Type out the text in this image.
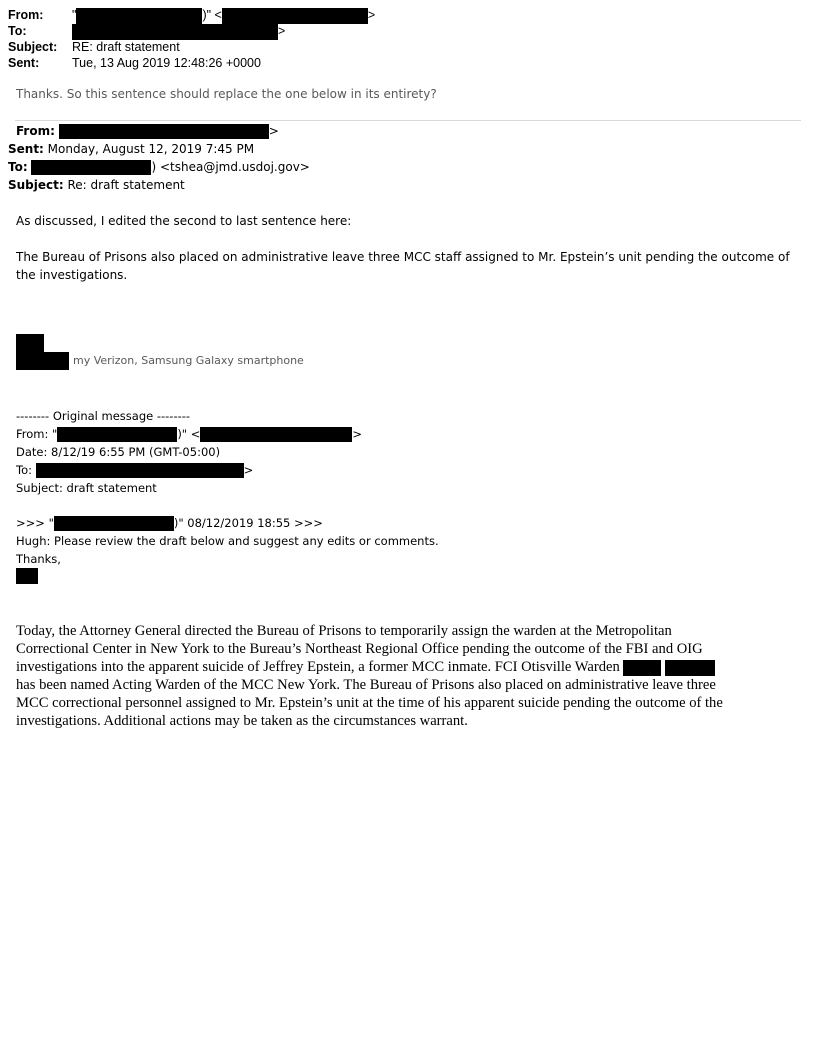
From: "	)" <	>
To:	>
Subject: RE: draft statement
Sent:	Tue, 13 Aug 2019 12:48:26 +0000
Thanks. So this sentence should replace the one below in its entirety?
From:	>
Sent: Monday, August 12, 2019 7:45 PM
To:	) <tshea@jmd.usdoj.gov>
Subject: Re: draft statement
As discussed, I edited the second to last sentence here:
The Bureau of Prisons also placed on administrative leave three MCC staff assigned to Mr. Epstein’s unit pending the outcome of
the investigations.
my Verizon, Samsung Galaxy smartphone
-------- Original message --------
From: "	)" <	>
Date: 8/12/19 6:55 PM (GMT-05:00)
To:	>
Subject: draft statement
>>> "	)" 08/12/2019 18:55 >>>
Hugh: Please review the draft below and suggest any edits or comments.
Thanks,
Today, the Attorney General directed the Bureau of Prisons to temporarily assign the warden at the Metropolitan
Correctional Center in New York to the Bureau’s Northeast Regional Office pending the outcome of the FBI and OIG
investigations into the apparent suicide of Jeffrey Epstein, a former MCC inmate. FCI Otisville Warden
has been named Acting Warden of the MCC New York. The Bureau of Prisons also placed on administrative leave three
MCC correctional personnel assigned to Mr. Epstein’s unit at the time of his apparent suicide pending the outcome of the
investigations. Additional actions may be taken as the circumstances warrant.
